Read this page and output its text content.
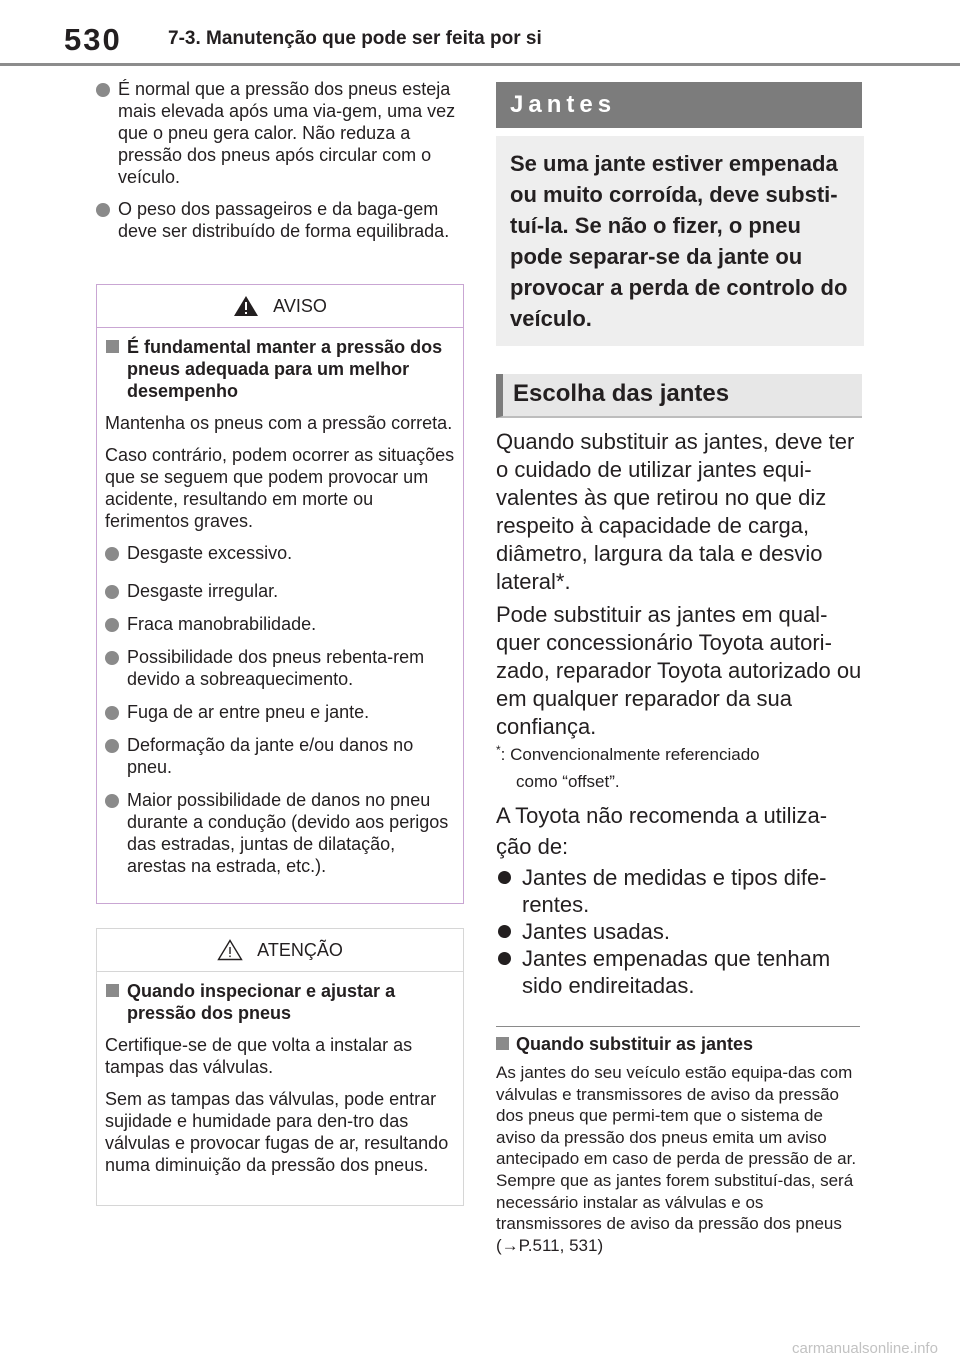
530 7-3. Manutenção que pode ser feita por si
É normal que a pressão dos pneus esteja mais elevada após uma via-gem, uma vez que o pneu gera calor. Não reduza a pressão dos pneus após circular com o veículo.
O peso dos passageiros e da baga-gem deve ser distribuído de forma equilibrada.
AVISO
É fundamental manter a pressão dos pneus adequada para um melhor desempenho

Mantenha os pneus com a pressão correta.

Caso contrário, podem ocorrer as situações que se seguem que podem provocar um acidente, resultando em morte ou ferimentos graves.

Desgaste excessivo.
Desgaste irregular.
Fraca manobrabilidade.
Possibilidade dos pneus rebenta-rem devido a sobreaquecimento.
Fuga de ar entre pneu e jante.
Deformação da jante e/ou danos no pneu.
Maior possibilidade de danos no pneu durante a condução (devido aos perigos das estradas, juntas de dilatação, arestas na estrada, etc.).
ATENÇÃO
Quando inspecionar e ajustar a pressão dos pneus

Certifique-se de que volta a instalar as tampas das válvulas.

Sem as tampas das válvulas, pode entrar sujidade e humidade para den-tro das válvulas e provocar fugas de ar, resultando numa diminuição da pressão dos pneus.

Jantes
Se uma jante estiver empenada ou muito corroída, deve substi-tuí-la. Se não o fizer, o pneu pode separar-se da jante ou provocar a perda de controlo do veículo.
Escolha das jantes

Quando substituir as jantes, deve ter o cuidado de utilizar jantes equi-valentes às que retirou no que diz respeito à capacidade de carga, diâmetro, largura da tala e desvio lateral*.

Pode substituir as jantes em qual-quer concessionário Toyota autori-zado, reparador Toyota autorizado ou em qualquer reparador da sua confiança.

*: Convencionalmente referenciado
como “offset”.

A Toyota não recomenda a utiliza-ção de:

Jantes de medidas e tipos dife-rentes.
Jantes usadas.
Jantes empenadas que tenham sido endireitadas.
Quando substituir as jantes

As jantes do seu veículo estão equipa-das com válvulas e transmissores de aviso da pressão dos pneus que permi-tem que o sistema de aviso da pressão dos pneus emita um aviso antecipado em caso de perda de pressão de ar. Sempre que as jantes forem substituí-das, será necessário instalar as válvulas e os transmissores de aviso da pressão dos pneus (→P.511, 531)

carmanualsonline.info
